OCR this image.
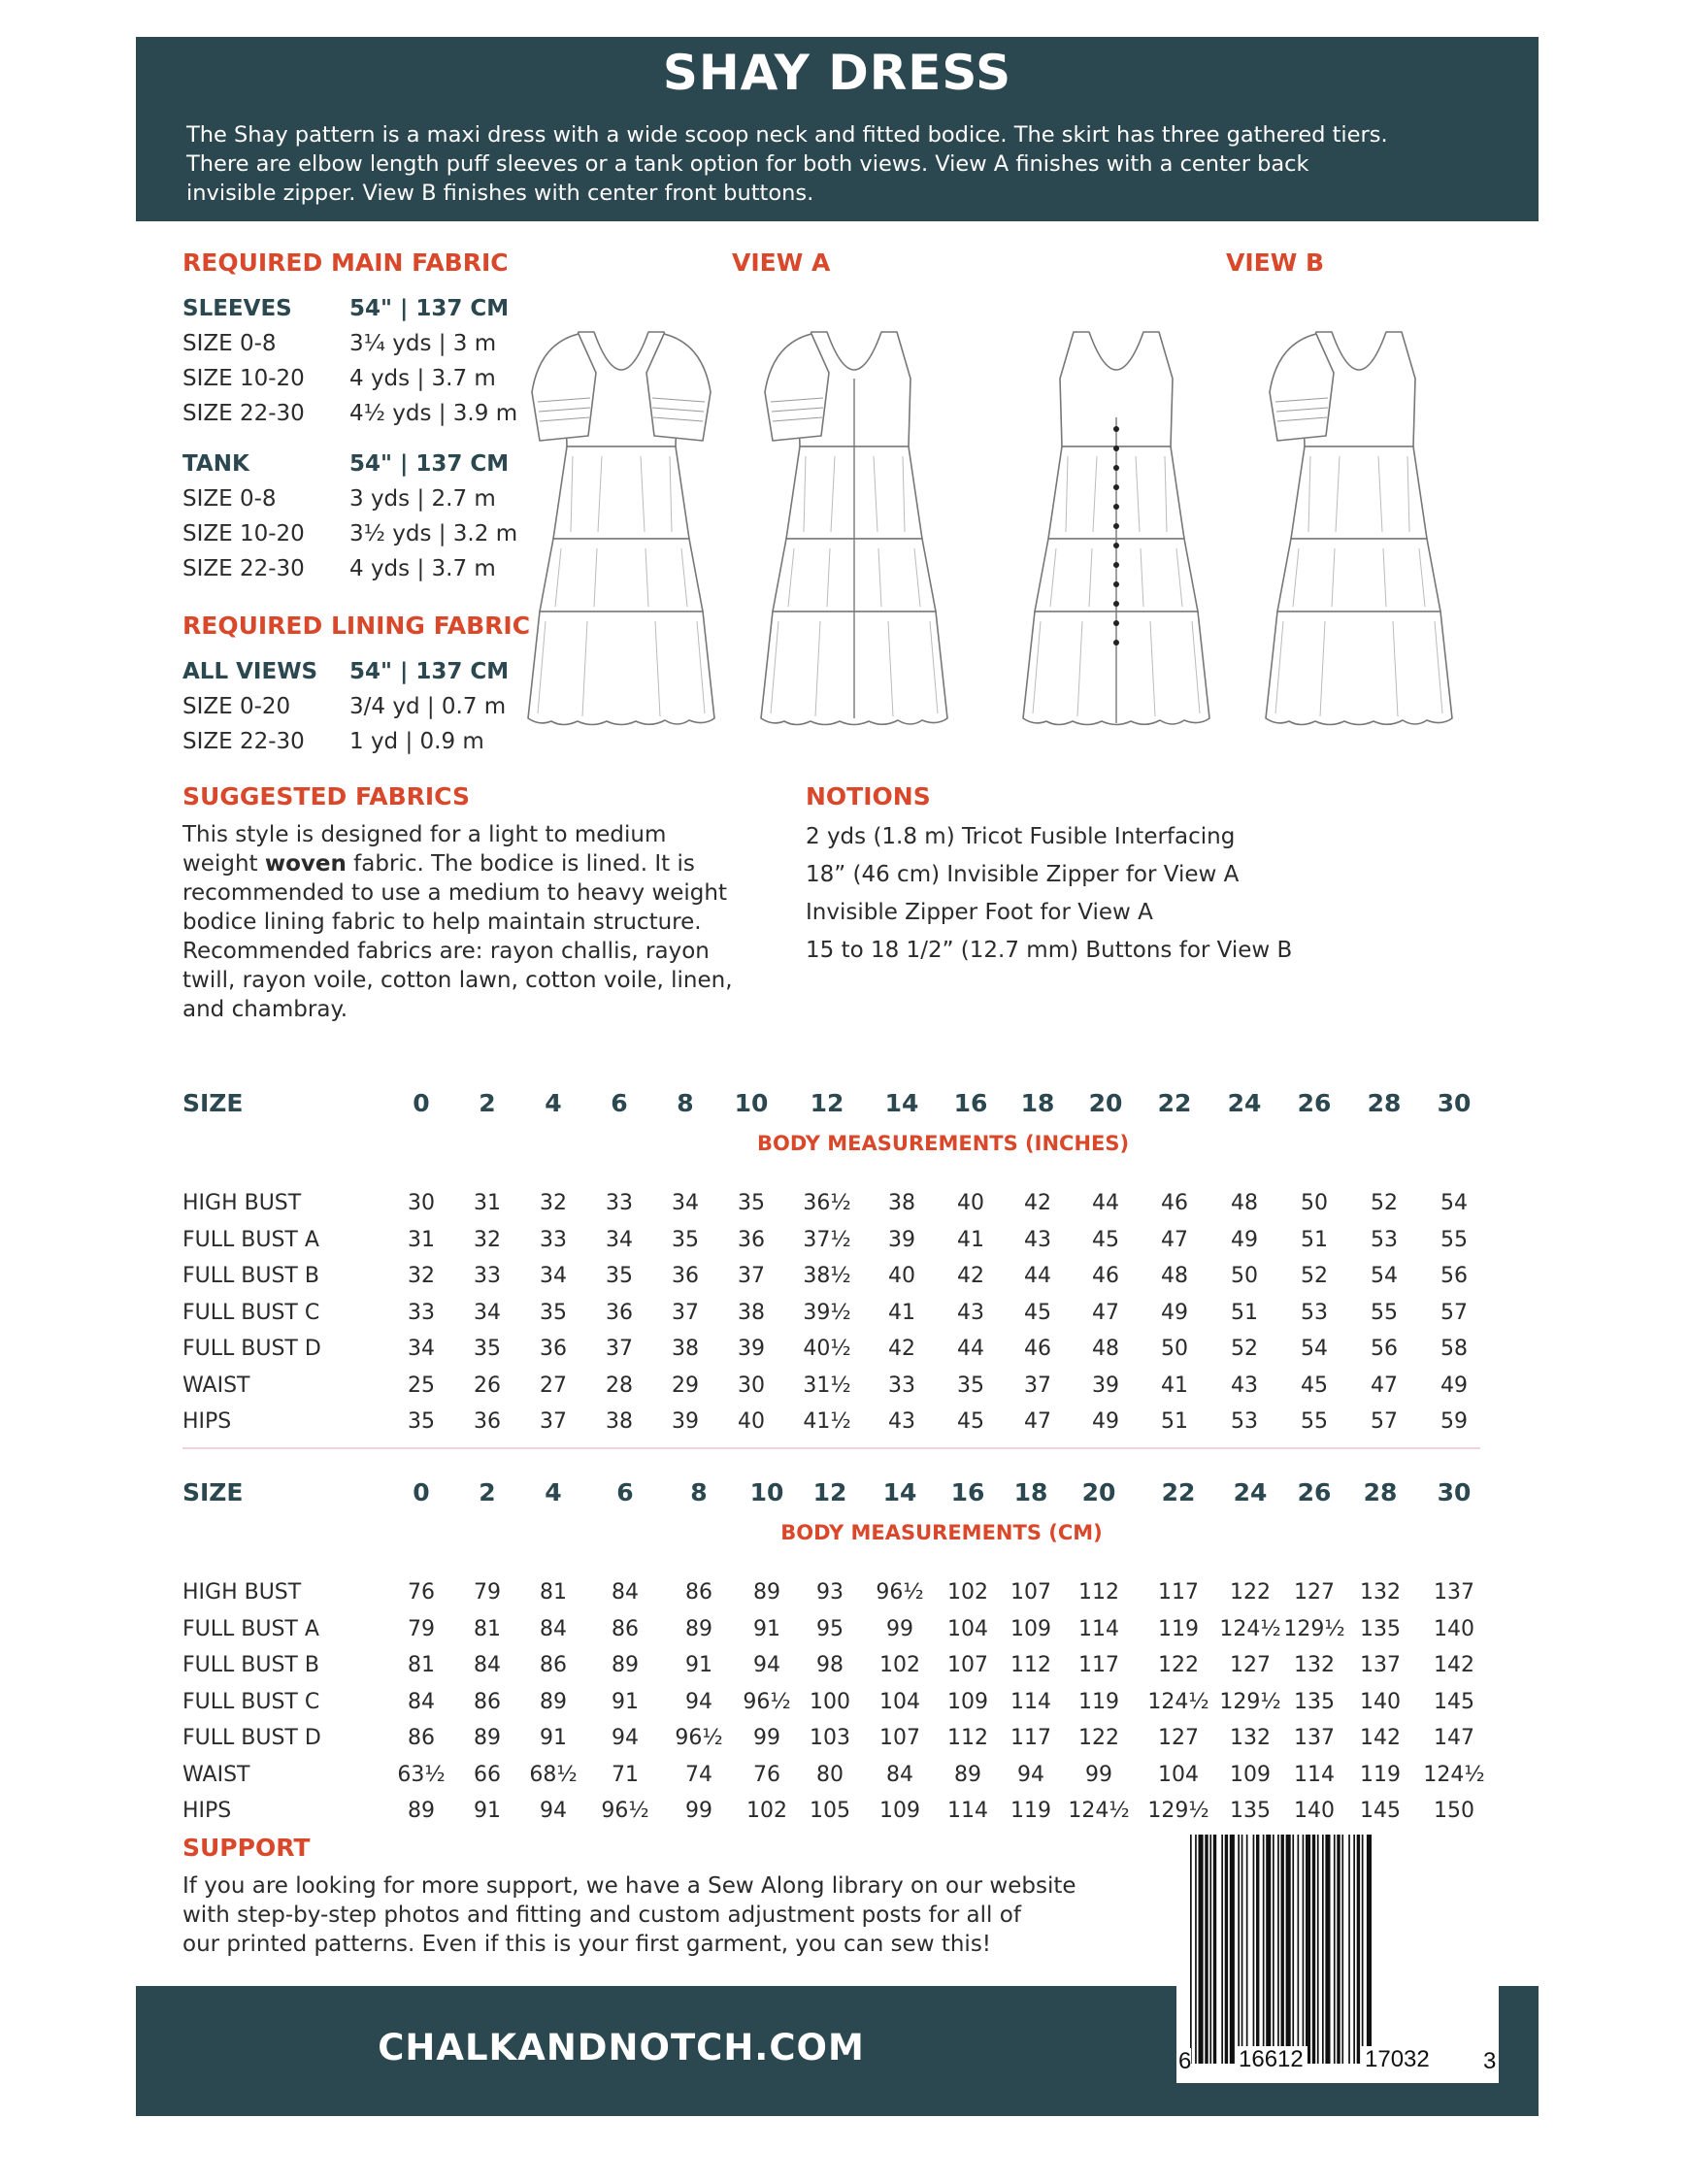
SHAY DRESS
The Shay pattern is a maxi dress with a wide scoop neck and fitted bodice. The skirt has three gathered tiers.
There are elbow length puff sleeves or a tank option for both views. View A finishes with a center back
invisible zipper. View B finishes with center front buttons.
REQUIRED MAIN FABRIC
SLEEVES	54" | 137 CM
SIZE 0-8	3¼ yds | 3 m
SIZE 10-20 4 yds | 3.7 m
SIZE 22-30 4½ yds | 3.9 m
TANK	54" | 137 CM
SIZE 0-8	3 yds | 2.7 m
SIZE 10-20 3½ yds | 3.2 m
SIZE 22-30 4 yds | 3.7 m
REQUIRED LINING FABRIC
ALL VIEWS 54" | 137 CM
SIZE 0-20	3/4 yd | 0.7 m
SIZE 22-30 1 yd | 0.9 m
VIEW A	VIEW B
SUGGESTED FABRICS
This style is designed for a light to medium
weight woven fabric. The bodice is lined. It is
recommended to use a medium to heavy weight
bodice lining fabric to help maintain structure.
Recommended fabrics are: rayon challis, rayon
twill, rayon voile, cotton lawn, cotton voile, linen,
and chambray.
NOTIONS
2 yds (1.8 m) Tricot Fusible Interfacing
18” (46 cm) Invisible Zipper for View A
Invisible Zipper Foot for View A
15 to 18 1/2” (12.7 mm) Buttons for View B
SIZE	0	2	4	6	8	10	12	14	16	18	20	22	24	26	28	30
HIGH BUST	30	31	32	33	34	35	36½	38	40	42	44	46	48	50	52	54
FULL BUST A	31	32	33	34	35	36	37½	39	41	43	45	47	49	51	53	55
FULL BUST B	32	33	34	35	36	37	38½	40	42	44	46	48	50	52	54	56
FULL BUST C	33	34	35	36	37	38	39½	41	43	45	47	49	51	53	55	57
FULL BUST D	34	35	36	37	38	39	40½	42	44	46	48	50	52	54	56	58
WAIST	25	26	27	28	29	30	31½	33	35	37	39	41	43	45	47	49
HIPS	35	36	37	38	39	40	41½	43	45	47	49	51	53	55	57	59
BODY MEASUREMENTS (INCHES)
SIZE	0	2	4	6	8	10	12	14	16	18	20	22	24	26	28	30
HIGH BUST	76	79	81	84	86	89	93	96½	102	107	112	117	122	127	132	137
FULL BUST A	79	81	84	86	89	91	95	99	104	109	114	119 124½ 129½ 135	140
FULL BUST B	81	84	86	89	91	94	98	102	107	112	117	122	127	132	137	142
FULL BUST C	84	86	89	91	94	96½ 100	104	109	114	119	124½ 129½ 135	140	145
FULL BUST D	86	89	91	94	96½	99	103	107	112	117	122	127	132	137	142	147
WAIST	63½	66	68½	71	74	76	80	84	89	94	99	104	109	114	119	124½
HIPS	89	91	94	96½	99	102	105	109	114	119 124½ 129½ 135	140	145	150
BODY MEASUREMENTS (CM)
SUPPORT
If you are looking for more support, we have a Sew Along library on our website
with step-by-step photos and fitting and custom adjustment posts for all of
our printed patterns. Even if this is your first garment, you can sew this!
CHALKANDNOTCH.COM	6 16612	17032 3
